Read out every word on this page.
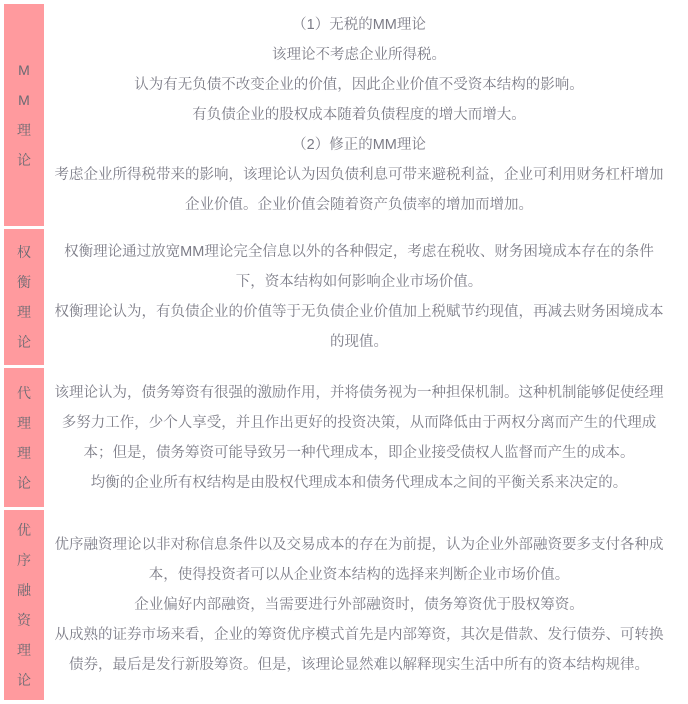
M
M
理
论

（1）无税的MM理论

该理论不考虑企业所得税。

认为有无负债不改变企业的价值，因此企业价值不受资本结构的影响。

有负债企业的股权成本随着负债程度的增大而增大。

（2）修正的MM理论

考虑企业所得税带来的影响，该理论认为因负债利息可带来避税利益，企业可利用财务杠杆增加企业价值。企业价值会随着资产负债率的增加而增加。

权
衡
理
论

权衡理论通过放宽MM理论完全信息以外的各种假定，考虑在税收、财务困境成本存在的条件下，资本结构如何影响企业市场价值。

权衡理论认为，有负债企业的价值等于无负债企业价值加上税赋节约现值，再减去财务困境成本的现值。

代
理
理
论

该理论认为，债务筹资有很强的激励作用，并将债务视为一种担保机制。这种机制能够促使经理多努力工作，少个人享受，并且作出更好的投资决策，从而降低由于两权分离而产生的代理成本；但是，债务筹资可能导致另一种代理成本，即企业接受债权人监督而产生的成本。

均衡的企业所有权结构是由股权代理成本和债务代理成本之间的平衡关系来决定的。

优
序
融
资
理
论

优序融资理论以非对称信息条件以及交易成本的存在为前提，认为企业外部融资要多支付各种成本，使得投资者可以从企业资本结构的选择来判断企业市场价值。

企业偏好内部融资，当需要进行外部融资时，债务筹资优于股权筹资。

从成熟的证券市场来看，企业的筹资优序模式首先是内部筹资，其次是借款、发行债券、可转换债券，最后是发行新股筹资。但是，该理论显然难以解释现实生活中所有的资本结构规律。
